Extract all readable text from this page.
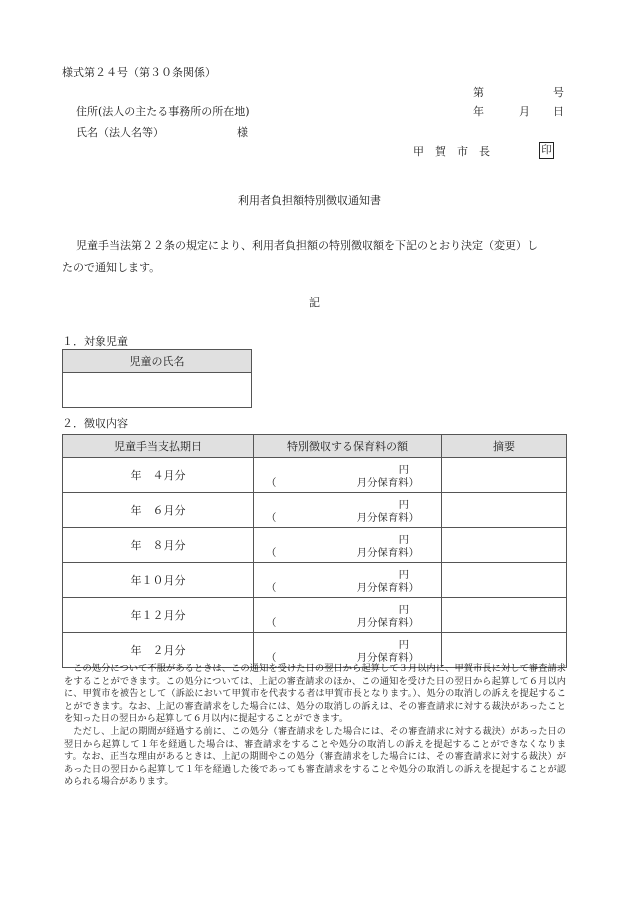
様式第２４号（第３０条関係）
第	号
住所(法人の主たる事務所の所在地)	年	月 日
氏名（法人名等）	様
甲　賀　市　長	印
利用者負担額特別徴収通知書
児童手当法第２２条の規定により、利用者負担額の特別徴収額を下記のとおり決定（変更）し
たので通知します。
記
１．対象児童
児童の氏名

２．徴収内容
児童手当支払期日	特別徴収する保育料の額	摘要
年　４月分	円
（ 月分保育料）	

年　６月分	円
（ 月分保育料）	

年　８月分	円
（ 月分保育料）	

年１０月分	円
（ 月分保育料）	

年１２月分	円
（ 月分保育料）	

年　２月分	円
（ 月分保育料）	

この処分について不服があるときは、この通知を受けた日の翌日から起算して３月以内に、甲賀市長に対して審査請求をすることができます。この処分については、上記の審査請求のほか、この通知を受けた日の翌日から起算して６月以内に、甲賀市を被告として（訴訟において甲賀市を代表する者は甲賀市長となります。）、処分の取消しの訴えを提起することができます。なお、上記の審査請求をした場合には、処分の取消しの訴えは、その審査請求に対する裁決があったことを知った日の翌日から起算して６月以内に提起することができます。

ただし、上記の期間が経過する前に、この処分（審査請求をした場合には、その審査請求に対する裁決）があった日の翌日から起算して１年を経過した場合は、審査請求をすることや処分の取消しの訴えを提起することができなくなります。なお、正当な理由があるときは、上記の期間やこの処分（審査請求をした場合には、その審査請求に対する裁決）があった日の翌日から起算して１年を経過した後であっても審査請求をすることや処分の取消しの訴えを提起することが認められる場合があります。
